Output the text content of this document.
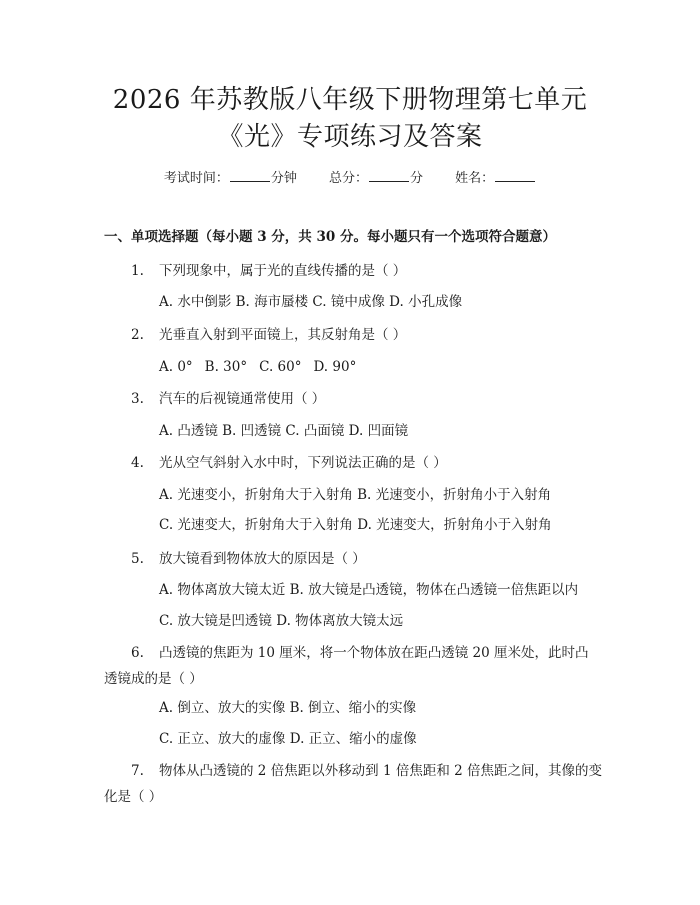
2026 年苏教版八年级下册物理第七单元
《光》专项练习及答案
考试时间：	分钟 总分：	分 姓名：
一、单项选择题（每小题 3 分，共 30 分。每小题只有一个选项符合题意）
1. 下列现象中，属于光的直线传播的是（ ）
A. 水中倒影 B. 海市蜃楼 C. 镜中成像 D. 小孔成像
2. 光垂直入射到平面镜上，其反射角是（ ）
A. 0° B. 30° C. 60° D. 90°
3. 汽车的后视镜通常使用（ ）
A. 凸透镜 B. 凹透镜 C. 凸面镜 D. 凹面镜
4. 光从空气斜射入水中时，下列说法正确的是（ ）
A. 光速变小，折射角大于入射角 B. 光速变小，折射角小于入射角
C. 光速变大，折射角大于入射角 D. 光速变大，折射角小于入射角
5. 放大镜看到物体放大的原因是（ ）
A. 物体离放大镜太近 B. 放大镜是凸透镜，物体在凸透镜一倍焦距以内
C. 放大镜是凹透镜 D. 物体离放大镜太远
6. 凸透镜的焦距为 10 厘米，将一个物体放在距凸透镜 20 厘米处，此时凸透镜成的是（ ）
A. 倒立、放大的实像 B. 倒立、缩小的实像
C. 正立、放大的虚像 D. 正立、缩小的虚像
7. 物体从凸透镜的 2 倍焦距以外移动到 1 倍焦距和 2 倍焦距之间，其像的变化是（ ）
